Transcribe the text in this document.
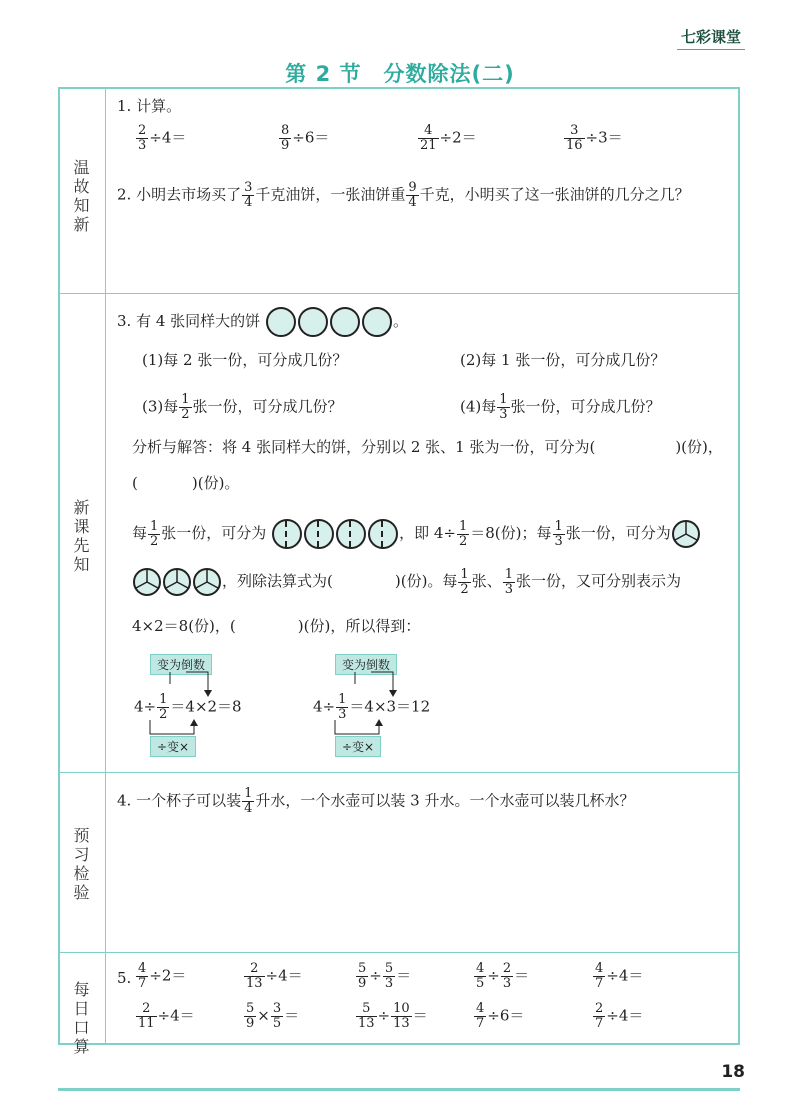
七彩课堂
第 2 节 分数除法(二)
温故知新
新课先知
预习检验
每日口算
1. 计算。
$\frac{2}{3} \div 4=$	$\frac{8}{9} \div 6=$	$\frac{4}{21} \div 2=$	$\frac{3}{16} \div 3=$
2. 小明去市场买了 $\frac{3}{4}$ 千克油饼，一张油饼重 $\frac{9}{4}$ 千克，小明买了这一张油饼的几分之几？
3. 有 4 张同样大的饼	。
(1)每 2 张一份，可分成几份？	(2)每 1 张一份，可分成几份？
(3)每 $\frac{1}{2}$ 张一份，可分成几份？	(4)每 $\frac{1}{3}$ 张一份，可分成几份？
分析与解答：将 4 张同样大的饼，分别以 2 张、1 张为一份，可分为(	)(份)，
(	)(份)。
每 $\frac{1}{2}$ 张一份，可分为	，即 $4\div \frac{1}{2} =8$(份)；每 $\frac{1}{3}$ 张一份，可分为
，列除法算式为(	)(份)。每 $\frac{1}{2}$ 张、 $\frac{1}{3}$ 张一份，又可分别表示为
4×2＝8(份)，(	)(份)，所以得到：
变为倒数
$4\div \frac{1}{2} =4\times 2=8$
÷变×
变为倒数
$4\div \frac{1}{3} =4\times 3=12$
÷变×
4. 一个杯子可以装 $\frac{1}{4}$ 升水，一个水壶可以装 3 升水。一个水壶可以装几杯水？
5. $\frac{4}{7} \div 2=$	$\frac{2}{13} \div 4=$	$\frac{5}{9} \div \frac{5}{3}$ ＝	$\frac{4}{5} \div \frac{2}{3}$ ＝	$\frac{4}{7} \div 4=$
$\frac{2}{11} \div 4=$	$\frac{5}{9} \times \frac{3}{5}$ ＝	$\frac{5}{13} \div \frac{10}{13}$ ＝	$\frac{4}{7} \div 6=$	$\frac{2}{7} \div 4=$
18
